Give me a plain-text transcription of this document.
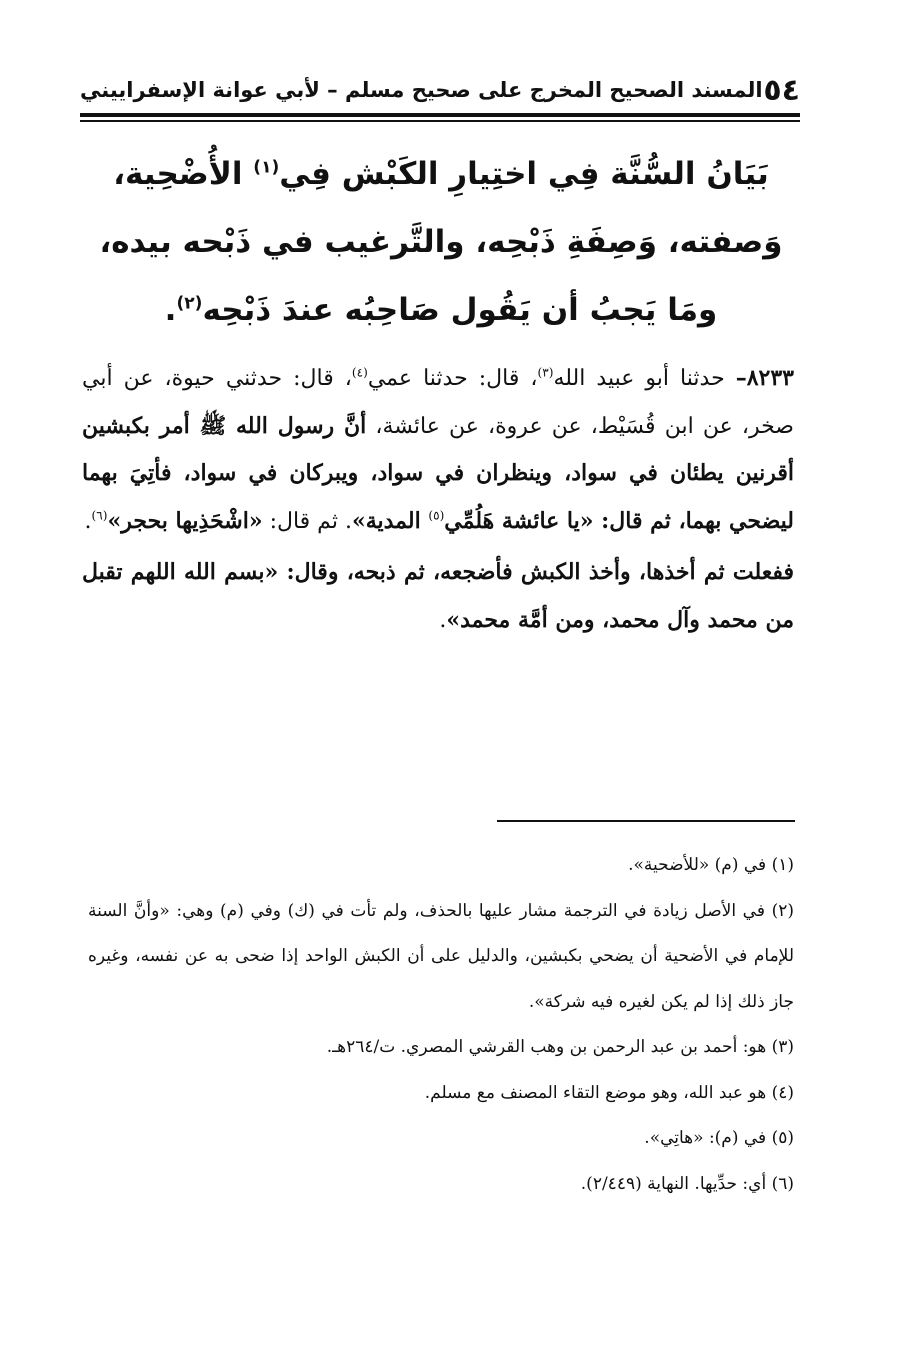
٥٤
المسند الصحيح المخرج على صحيح مسلم – لأبي عوانة الإسفراييني
بَيَانُ السُّنَّة فِي اختِيارِ الكَبْش فِي$^{(١)}$ الأُضْحِية، وَصفته، وَصِفَةِ ذَبْحِه، والتَّرغيب في ذَبْحه بيده، ومَا يَجبُ أن يَقُول صَاحِبُه عندَ ذَبْحِه$^{(٢)}$.

٨٢٣٣– حدثنا أبو عبيد الله$^{(٣)}$، قال: حدثنا عمي$^{(٤)}$، قال: حدثني حيوة، عن أبي صخر، عن ابن قُسَيْط، عن عروة، عن عائشة، أنَّ رسول الله ﷺ أمر بكبشين أقرنين يطئان في سواد، وينظران في سواد، ويبركان في سواد، فأتِيَ بهما ليضحي بهما، ثم قال: «يا عائشة هَلُمِّي$^{(٥)}$ المدية». ثم قال: «اشْحَذِيها بحجر»$^{(٦)}$.

ففعلت ثم أخذها، وأخذ الكبش فأضجعه، ثم ذبحه، وقال: «بسم الله اللهم تقبل من محمد وآل محمد، ومن أمَّة محمد».

(١) في (م) «للأضحية».

(٢) في الأصل زيادة في الترجمة مشار عليها بالحذف، ولم تأت في (ك) وفي (م) وهي: «وأنَّ السنة للإمام في الأضحية أن يضحي بكبشين، والدليل على أن الكبش الواحد إذا ضحى به عن نفسه، وغيره جاز ذلك إذا لم يكن لغيره فيه شركة».

(٣) هو: أحمد بن عبد الرحمن بن وهب القرشي المصري. ت/٢٦٤هـ.

(٤) هو عبد الله، وهو موضع التقاء المصنف مع مسلم.

(٥) في (م): «هاتِي».

(٦) أي: حدِّيها. النهاية (٢/٤٤٩).
